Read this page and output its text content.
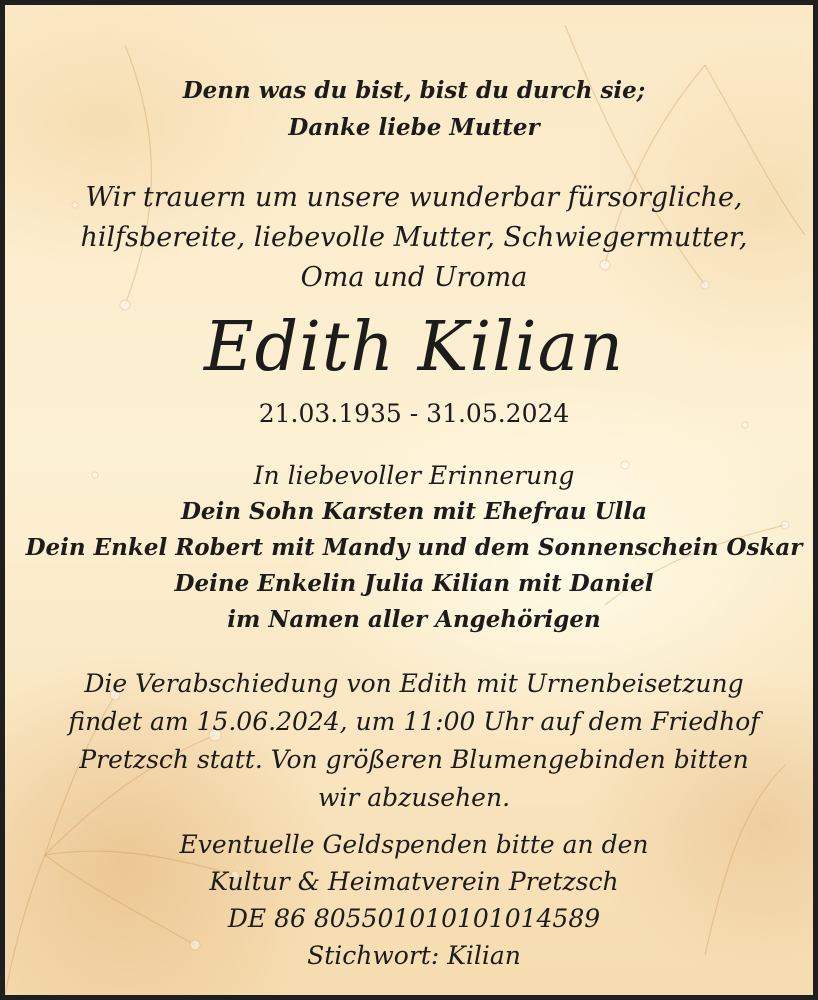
Denn was du bist, bist du durch sie;
Danke liebe Mutter
Wir trauern um unsere wunderbar fürsorgliche,
hilfsbereite, liebevolle Mutter, Schwiegermutter,
Oma und Uroma
Edith Kilian
21.03.1935 - 31.05.2024
In liebevoller Erinnerung
Dein Sohn Karsten mit Ehefrau Ulla
Dein Enkel Robert mit Mandy und dem Sonnenschein Oskar
Deine Enkelin Julia Kilian mit Daniel
im Namen aller Angehörigen
Die Verabschiedung von Edith mit Urnenbeisetzung
findet am 15.06.2024, um 11:00 Uhr auf dem Friedhof
Pretzsch statt. Von größeren Blumengebinden bitten
wir abzusehen.
Eventuelle Geldspenden bitte an den
Kultur & Heimatverein Pretzsch
DE 86 805501010101014589
Stichwort: Kilian
